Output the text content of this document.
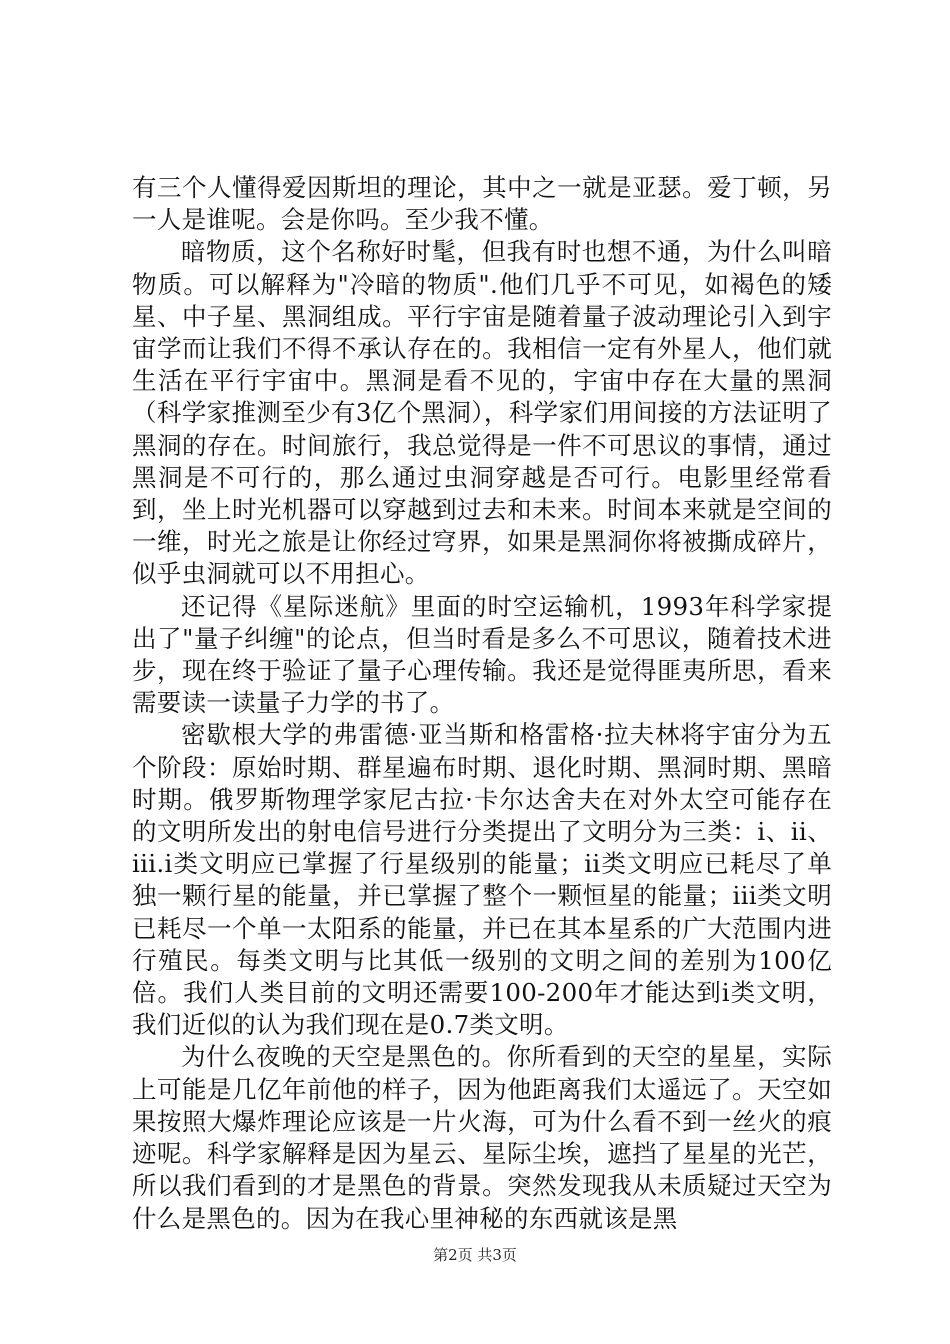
有三个人懂得爱因斯坦的理论，其中之一就是亚瑟。爱丁顿，另一人是谁呢。会是你吗。至少我不懂。

暗物质，这个名称好时髦，但我有时也想不通，为什么叫暗物质。可以解释为"冷暗的物质".他们几乎不可见，如褐色的矮星、中子星、黑洞组成。平行宇宙是随着量子波动理论引入到宇宙学而让我们不得不承认存在的。我相信一定有外星人，他们就生活在平行宇宙中。黑洞是看不见的，宇宙中存在大量的黑洞（科学家推测至少有3亿个黑洞），科学家们用间接的方法证明了黑洞的存在。时间旅行，我总觉得是一件不可思议的事情，通过黑洞是不可行的，那么通过虫洞穿越是否可行。电影里经常看到，坐上时光机器可以穿越到过去和未来。时间本来就是空间的一维，时光之旅是让你经过穹界，如果是黑洞你将被撕成碎片，似乎虫洞就可以不用担心。

还记得《星际迷航》里面的时空运输机，1993年科学家提出了"量子纠缠"的论点，但当时看是多么不可思议，随着技术进步，现在终于验证了量子心理传输。我还是觉得匪夷所思，看来需要读一读量子力学的书了。

密歇根大学的弗雷德·亚当斯和格雷格·拉夫林将宇宙分为五个阶段：原始时期、群星遍布时期、退化时期、黑洞时期、黑暗时期。俄罗斯物理学家尼古拉·卡尔达舍夫在对外太空可能存在的文明所发出的射电信号进行分类提出了文明分为三类：i、ii、iii.i类文明应已掌握了行星级别的能量；ii类文明应已耗尽了单独一颗行星的能量，并已掌握了整个一颗恒星的能量；iii类文明已耗尽一个单一太阳系的能量，并已在其本星系的广大范围内进行殖民。每类文明与比其低一级别的文明之间的差别为100亿倍。我们人类目前的文明还需要100-200年才能达到i类文明，我们近似的认为我们现在是0.7类文明。

为什么夜晚的天空是黑色的。你所看到的天空的星星，实际上可能是几亿年前他的样子，因为他距离我们太遥远了。天空如果按照大爆炸理论应该是一片火海，可为什么看不到一丝火的痕迹呢。科学家解释是因为星云、星际尘埃，遮挡了星星的光芒，所以我们看到的才是黑色的背景。突然发现我从未质疑过天空为什么是黑色的。因为在我心里神秘的东西就该是黑

第2页 共3页
